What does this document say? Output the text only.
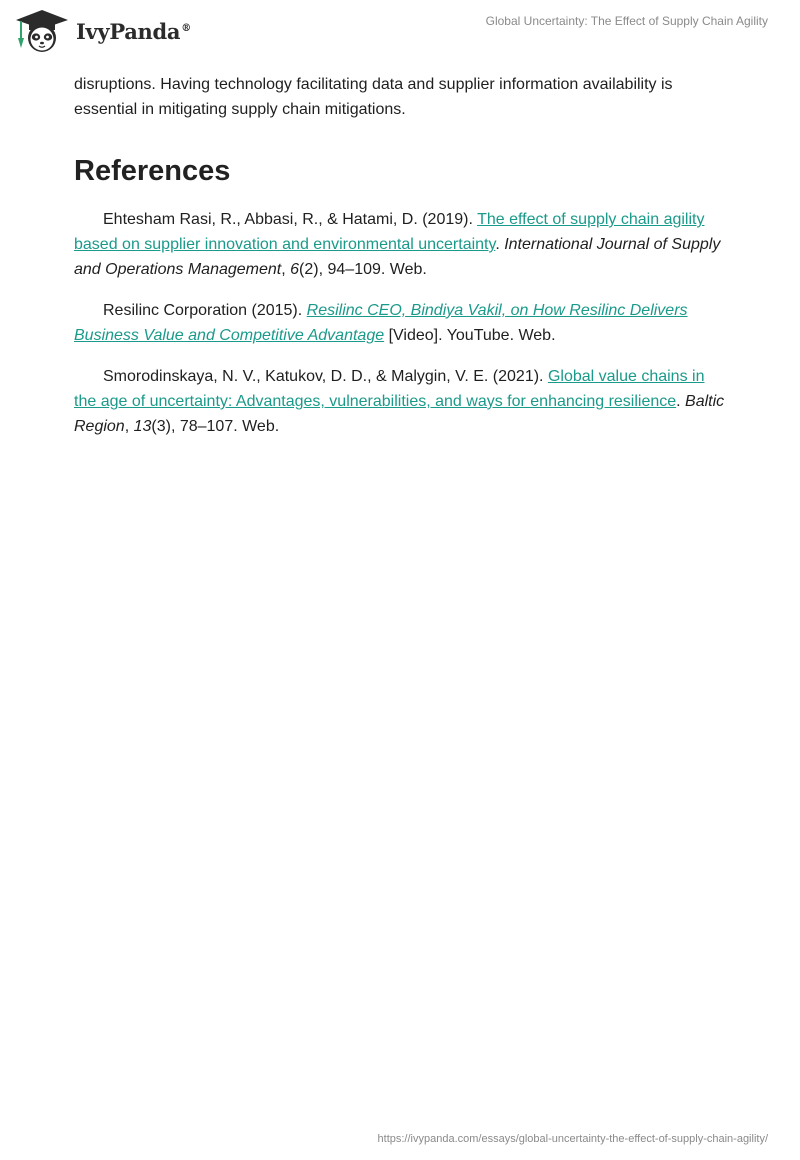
IvyPanda®	Global Uncertainty: The Effect of Supply Chain Agility

disruptions. Having technology facilitating data and supplier information availability is essential in mitigating supply chain mitigations.

References

Ehtesham Rasi, R., Abbasi, R., & Hatami, D. (2019). The effect of supply chain agility based on supplier innovation and environmental uncertainty. International Journal of Supply and Operations Management, 6(2), 94–109. Web.

Resilinc Corporation (2015). Resilinc CEO, Bindiya Vakil, on How Resilinc Delivers Business Value and Competitive Advantage [Video]. YouTube. Web.

Smorodinskaya, N. V., Katukov, D. D., & Malygin, V. E. (2021). Global value chains in the age of uncertainty: Advantages, vulnerabilities, and ways for enhancing resilience. Baltic Region, 13(3), 78–107. Web.

https://ivypanda.com/essays/global-uncertainty-the-effect-of-supply-chain-agility/
